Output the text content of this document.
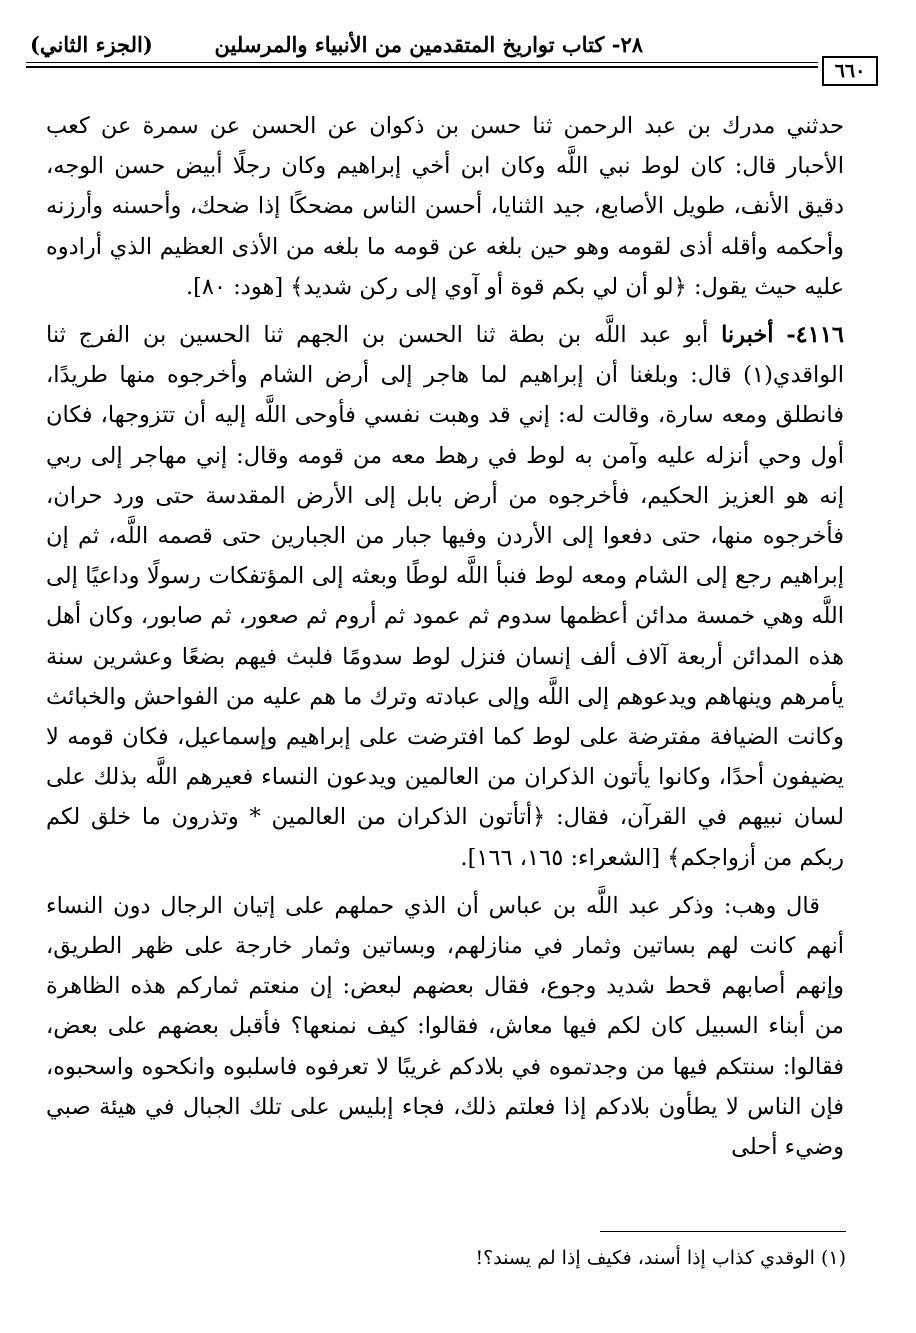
٢٨- كتاب تواريخ المتقدمين من الأنبياء والمرسلين
(الجزء الثاني)
٦٦٠

حدثني مدرك بن عبد الرحمن ثنا حسن بن ذكوان عن الحسن عن سمرة عن كعب الأحبار قال: كان لوط نبي اللَّه وكان ابن أخي إبراهيم وكان رجلًا أبيض حسن الوجه، دقيق الأنف، طويل الأصابع، جيد الثنايا، أحسن الناس مضحكًا إذا ضحك، وأحسنه وأرزنه وأحكمه وأقله أذى لقومه وهو حين بلغه عن قومه ما بلغه من الأذى العظيم الذي أرادوه عليه حيث يقول: ﴿لو أن لي بكم قوة أو آوي إلى ركن شديد﴾ [هود: ٨٠].

٤١١٦- أخبرنا أبو عبد اللَّه بن بطة ثنا الحسن بن الجهم ثنا الحسين بن الفرج ثنا الواقدي(١) قال: وبلغنا أن إبراهيم لما هاجر إلى أرض الشام وأخرجوه منها طريدًا، فانطلق ومعه سارة، وقالت له: إني قد وهبت نفسي فأوحى اللَّه إليه أن تتزوجها، فكان أول وحي أنزله عليه وآمن به لوط في رهط معه من قومه وقال: إني مهاجر إلى ربي إنه هو العزيز الحكيم، فأخرجوه من أرض بابل إلى الأرض المقدسة حتى ورد حران، فأخرجوه منها، حتى دفعوا إلى الأردن وفيها جبار من الجبارين حتى قصمه اللَّه، ثم إن إبراهيم رجع إلى الشام ومعه لوط فنبأ اللَّه لوطًا وبعثه إلى المؤتفكات رسولًا وداعيًا إلى اللَّه وهي خمسة مدائن أعظمها سدوم ثم عمود ثم أروم ثم صعور، ثم صابور، وكان أهل هذه المدائن أربعة آلاف ألف إنسان فنزل لوط سدومًا فلبث فيهم بضعًا وعشرين سنة يأمرهم وينهاهم ويدعوهم إلى اللَّه وإلى عبادته وترك ما هم عليه من الفواحش والخبائث وكانت الضيافة مفترضة على لوط كما افترضت على إبراهيم وإسماعيل، فكان قومه لا يضيفون أحدًا، وكانوا يأتون الذكران من العالمين ويدعون النساء فعيرهم اللَّه بذلك على لسان نبيهم في القرآن، فقال: ﴿أتأتون الذكران من العالمين * وتذرون ما خلق لكم ربكم من أزواجكم﴾ [الشعراء: ١٦٥، ١٦٦].

قال وهب: وذكر عبد اللَّه بن عباس أن الذي حملهم على إتيان الرجال دون النساء أنهم كانت لهم بساتين وثمار في منازلهم، وبساتين وثمار خارجة على ظهر الطريق، وإنهم أصابهم قحط شديد وجوع، فقال بعضهم لبعض: إن منعتم ثماركم هذه الظاهرة من أبناء السبيل كان لكم فيها معاش، فقالوا: كيف نمنعها؟ فأقبل بعضهم على بعض، فقالوا: سنتكم فيها من وجدتموه في بلادكم غريبًا لا تعرفوه فاسلبوه وانكحوه واسحبوه، فإن الناس لا يطأون بلادكم إذا فعلتم ذلك، فجاء إبليس على تلك الجبال في هيئة صبي وضيء أحلى

(١) الوقدي كذاب إذا أسند، فكيف إذا لم يسند؟!
